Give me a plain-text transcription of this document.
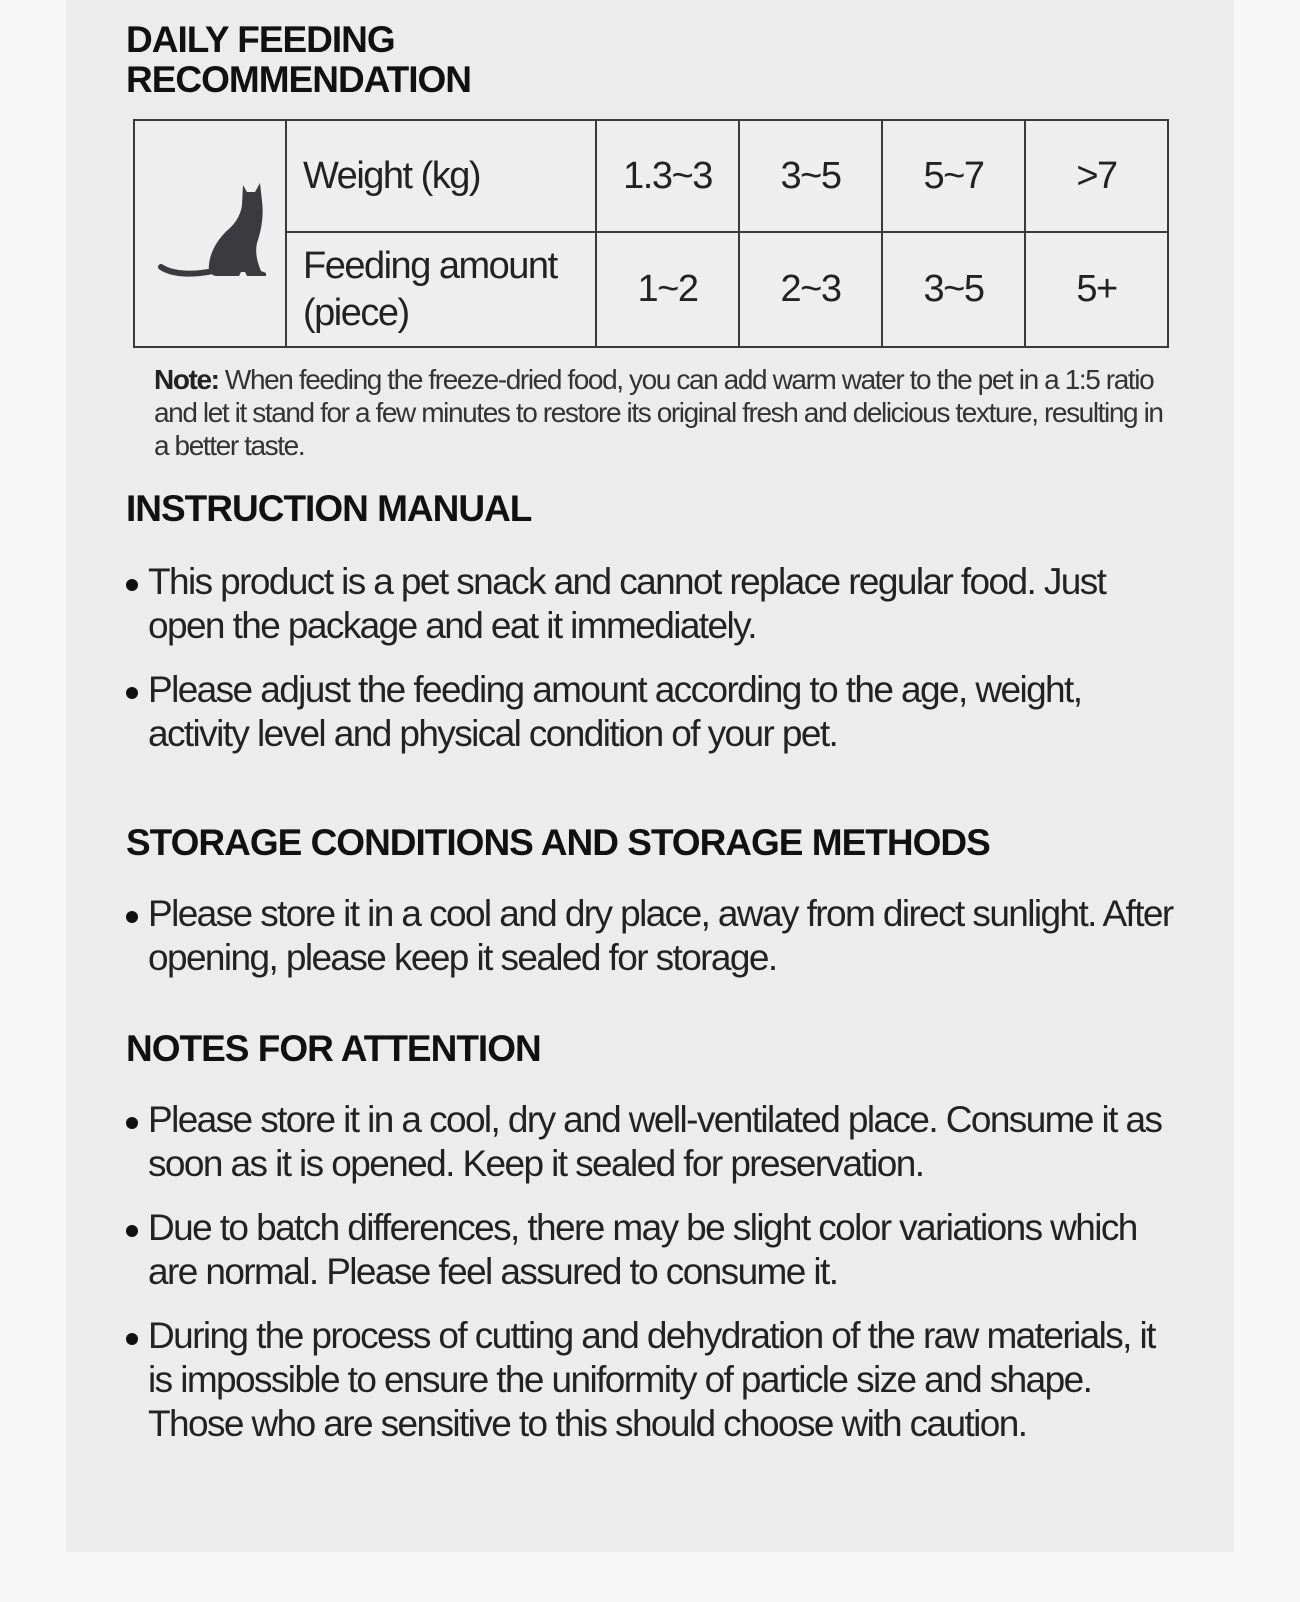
DAILY FEEDING
RECOMMENDATION
	Weight (kg)	1.3~3	3~5	5~7	>7
	Feeding amount (piece)	1~2	2~3	3~5	5+
Note: When feeding the freeze-dried food, you can add warm water to the pet in a 1:5 ratio and let it stand for a few minutes to restore its original fresh and delicious texture, resulting in a better taste.
INSTRUCTION MANUAL
This product is a pet snack and cannot replace regular food. Just open the package and eat it immediately.
Please adjust the feeding amount according to the age, weight, activity level and physical condition of your pet.
STORAGE CONDITIONS AND STORAGE METHODS
Please store it in a cool and dry place, away from direct sunlight. After opening, please keep it sealed for storage.
NOTES FOR ATTENTION
Please store it in a cool, dry and well-ventilated place. Consume it as soon as it is opened. Keep it sealed for preservation.
Due to batch differences, there may be slight color variations which are normal. Please feel assured to consume it.
During the process of cutting and dehydration of the raw materials, it is impossible to ensure the uniformity of particle size and shape. Those who are sensitive to this should choose with caution.
